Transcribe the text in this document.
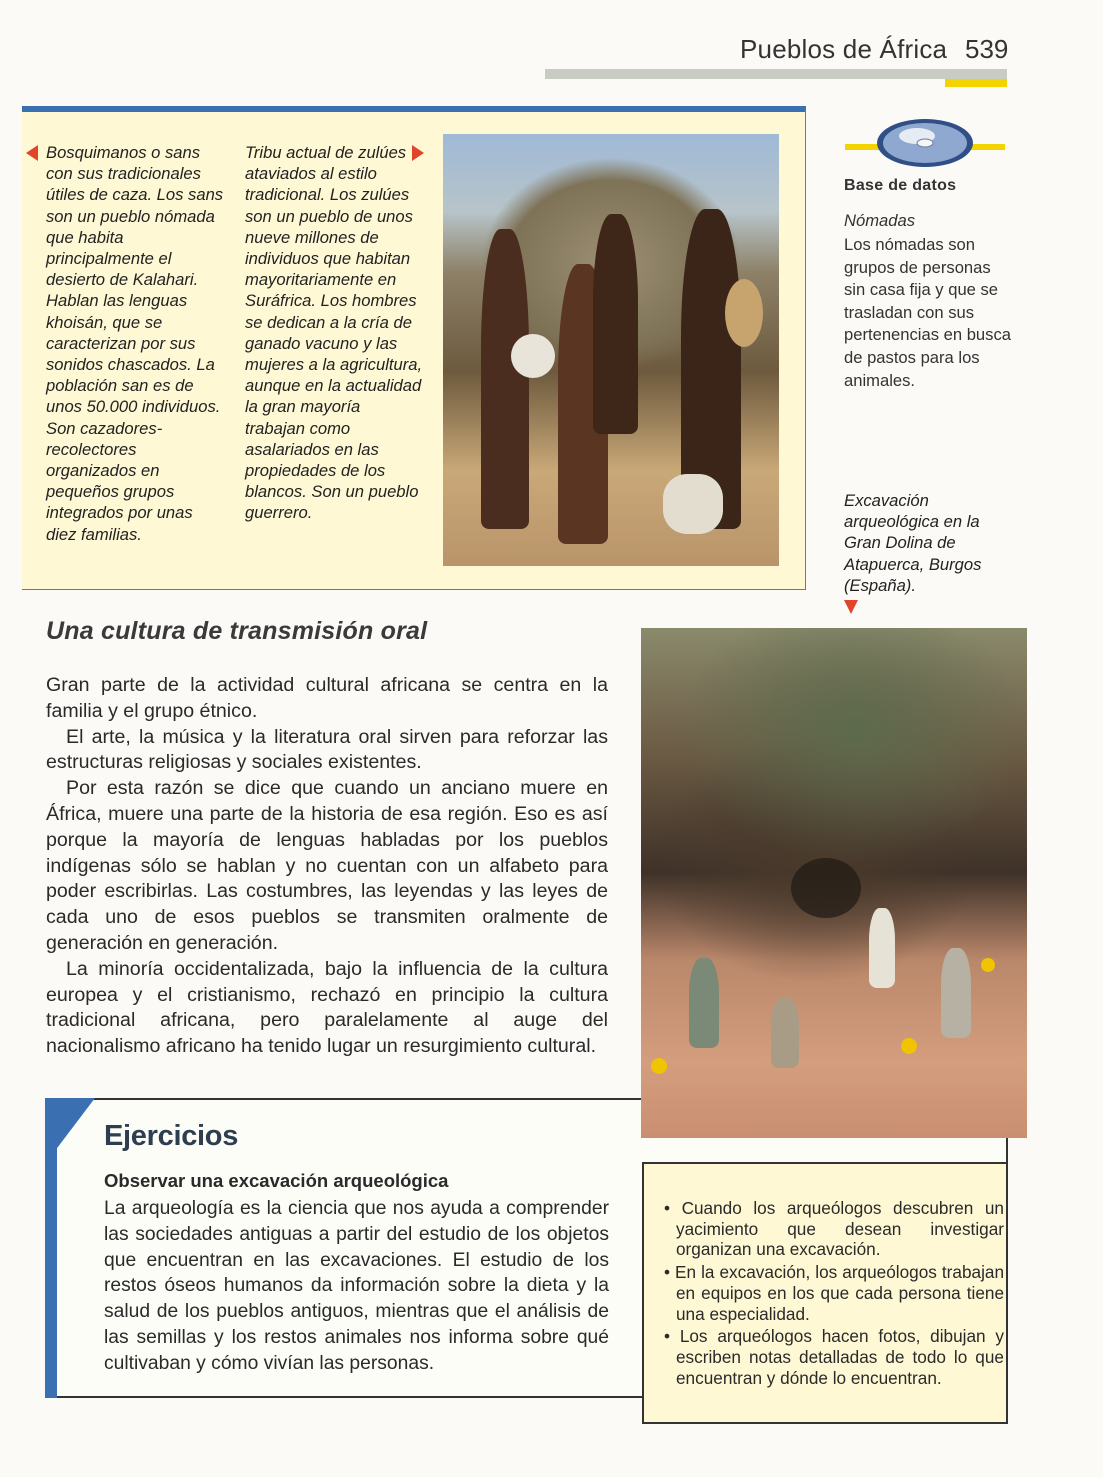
Pueblos de África 539
Bosquimanos o sans con sus tradicionales útiles de caza. Los sans son un pueblo nómada que habita principalmente el desierto de Kalahari. Hablan las lenguas khoisán, que se caracterizan por sus sonidos chascados. La población san es de unos 50.000 individuos. Son cazadores-recolectores organizados en pequeños grupos integrados por unas diez familias.
Tribu actual de zulúes ataviados al estilo tradicional. Los zulúes son un pueblo de unos nueve millones de individuos que habitan mayoritariamente en Suráfrica. Los hombres se dedican a la cría de ganado vacuno y las mujeres a la agricultura, aunque en la actualidad la gran mayoría trabajan como asalariados en las propiedades de los blancos. Son un pueblo guerrero.
Base de datos
Nómadas
Los nómadas son grupos de personas sin casa fija y que se trasladan con sus pertenencias en busca de pastos para los animales.
Excavación arqueológica en la Gran Dolina de Atapuerca, Burgos (España).
Una cultura de transmisión oral

Gran parte de la actividad cultural africana se centra en la familia y el grupo étnico.

El arte, la música y la literatura oral sirven para reforzar las estructuras religiosas y sociales existentes.

Por esta razón se dice que cuando un anciano muere en África, muere una parte de la historia de esa región. Eso es así porque la mayoría de lenguas habladas por los pueblos indígenas sólo se hablan y no cuentan con un alfabeto para poder escribirlas. Las costumbres, las leyendas y las leyes de cada uno de esos pueblos se transmiten oralmente de generación en generación.

La minoría occidentalizada, bajo la influencia de la cultura europea y el cristianismo, rechazó en principio la cultura tradicional africana, pero paralelamente al auge del nacionalismo africano ha tenido lugar un resurgimiento cultural.

Ejercicios
Observar una excavación arqueológica
La arqueología es la ciencia que nos ayuda a comprender las sociedades antiguas a partir del estudio de los objetos que encuentran en las excavaciones. El estudio de los restos óseos humanos da información sobre la dieta y la salud de los pueblos antiguos, mientras que el análisis de las semillas y los restos animales nos informa sobre qué cultivaban y cómo vivían las personas.
• Cuando los arqueólogos descubren un yacimiento que desean investigar organizan una excavación.
• En la excavación, los arqueólogos trabajan en equipos en los que cada persona tiene una especialidad.
• Los arqueólogos hacen fotos, dibujan y escriben notas detalladas de todo lo que encuentran y dónde lo encuentran.
